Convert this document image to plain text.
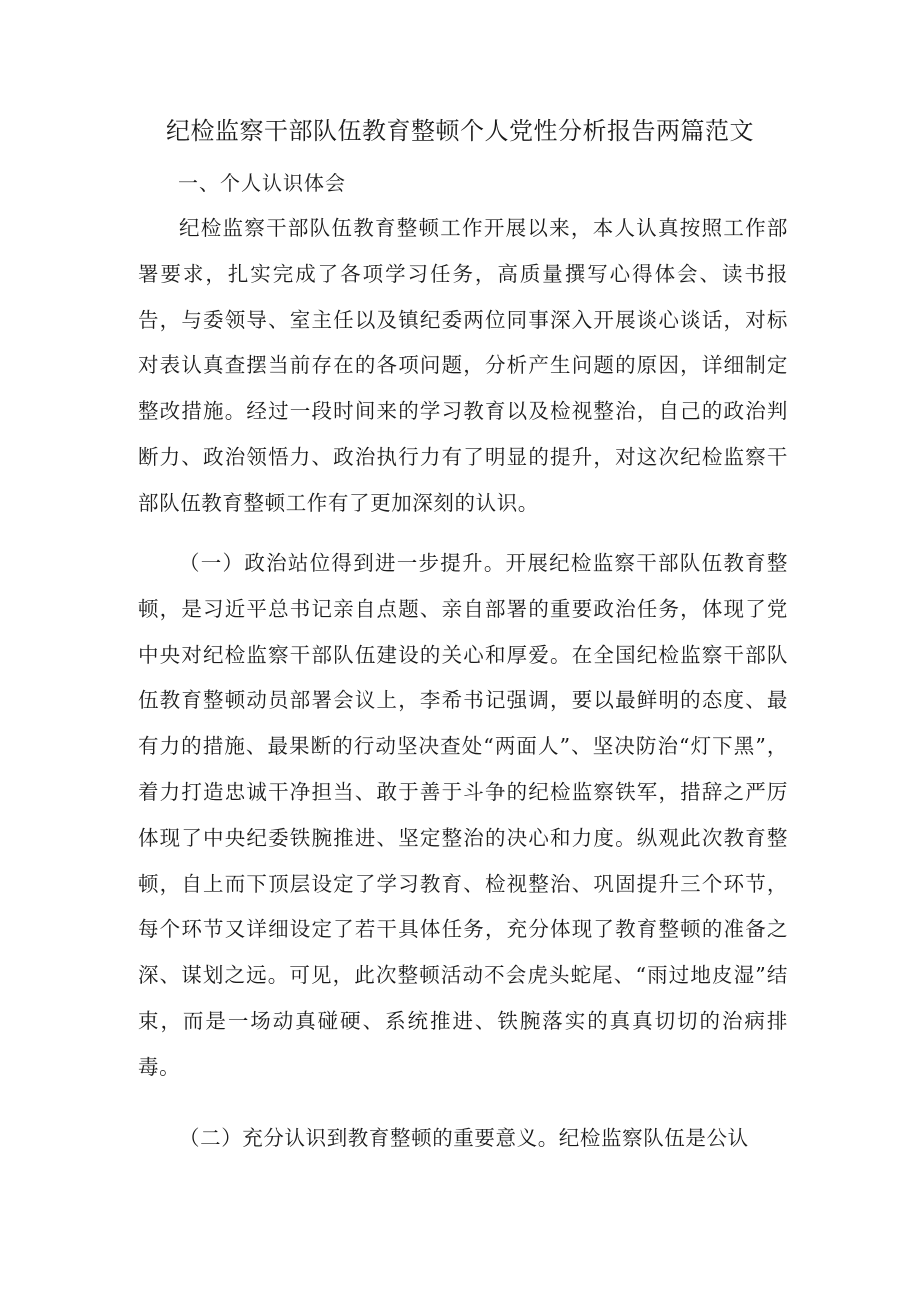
纪检监察干部队伍教育整顿个人党性分析报告两篇范文

一、个人认识体会

纪检监察干部队伍教育整顿工作开展以来，本人认真按照工作部署要求，扎实完成了各项学习任务，高质量撰写心得体会、读书报告，与委领导、室主任以及镇纪委两位同事深入开展谈心谈话，对标对表认真查摆当前存在的各项问题，分析产生问题的原因，详细制定整改措施。经过一段时间来的学习教育以及检视整治，自己的政治判断力、政治领悟力、政治执行力有了明显的提升，对这次纪检监察干部队伍教育整顿工作有了更加深刻的认识。

（一）政治站位得到进一步提升。开展纪检监察干部队伍教育整顿，是习近平总书记亲自点题、亲自部署的重要政治任务，体现了党中央对纪检监察干部队伍建设的关心和厚爱。在全国纪检监察干部队伍教育整顿动员部署会议上，李希书记强调，要以最鲜明的态度、最有力的措施、最果断的行动坚决查处“两面人”、坚决防治“灯下黑”，着力打造忠诚干净担当、敢于善于斗争的纪检监察铁军，措辞之严厉体现了中央纪委铁腕推进、坚定整治的决心和力度。纵观此次教育整顿，自上而下顶层设定了学习教育、检视整治、巩固提升三个环节，每个环节又详细设定了若干具体任务，充分体现了教育整顿的准备之深、谋划之远。可见，此次整顿活动不会虎头蛇尾、“雨过地皮湿”结束，而是一场动真碰硬、系统推进、铁腕落实的真真切切的治病排毒。

（二）充分认识到教育整顿的重要意义。纪检监察队伍是公认
